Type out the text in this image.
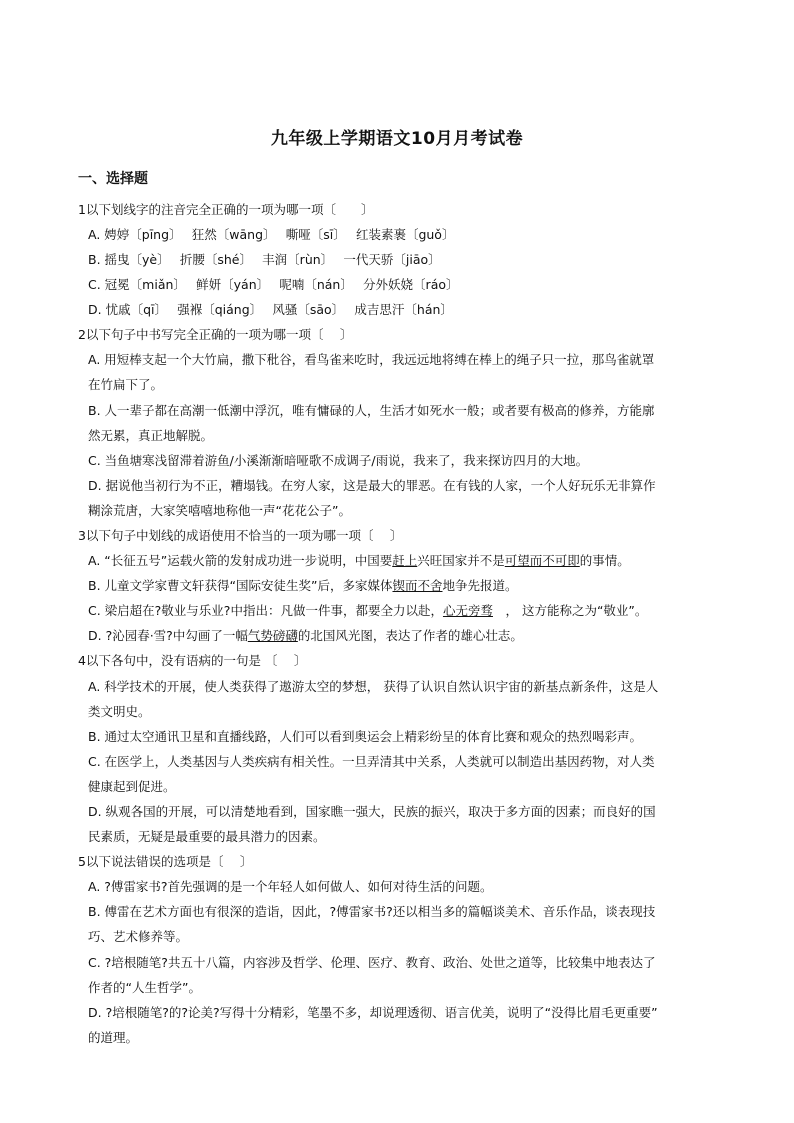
九年级上学期语文10月月考试卷
一、选择题
1以下划线字的注音完全正确的一项为哪一项〔　　〕
A. 娉婷〔pīng〕　 狂然〔wāng〕　 嘶哑〔sī〕　 红装素裹〔guǒ〕
B. 摇曳〔yè〕　 折腰〔shé〕　 丰润〔rùn〕　 一代天骄〔jiāo〕
C. 冠冕〔miǎn〕　 鲜妍〔yán〕　 呢喃〔nán〕　 分外妖娆〔ráo〕
D. 忧戚〔qī〕　 强褓〔qiáng〕　 风骚〔sāo〕　 成吉思汗〔hán〕
2以下句子中书写完全正确的一项为哪一项〔　 〕
A. 用短棒支起一个大竹扁，撒下秕谷，看鸟雀来吃时，我远远地将缚在棒上的绳子只一拉，那鸟雀就罩
在竹扁下了。
B. 人一辈子都在高潮一低潮中浮沉，唯有慵碌的人，生活才如死水一般；或者要有极高的修养，方能廓
然无累，真正地解脱。
C. 当鱼塘寒浅留滞着游鱼/小溪渐渐暗哑歌不成调子/雨说，我来了，我来探访四月的大地。
D. 据说他当初行为不正，糟塌钱。在穷人家，这是最大的罪恶。在有钱的人家，一个人好玩乐无非算作
糊涂荒唐，大家笑嘻嘻地称他一声“花花公子”。
3以下句子中划线的成语使用不恰当的一项为哪一项〔　 〕
A. “长征五号”运载火箭的发射成功进一步说明，中国要赶上兴旺国家并不是可望而不可即的事情。
B. 儿童文学家曹文轩获得“国际安徒生奖”后，多家媒体锲而不舍地争先报道。
C. 梁启超在?敬业与乐业?中指出：凡做一件事，都要全力以赴，心无旁骛　， 这方能称之为“敬业”。
D. ?沁园春·雪?中勾画了一幅气势磅礴的北国风光图，表达了作者的雄心壮志。
4以下各句中，没有语病的一句是 〔　 〕
A. 科学技术的开展，使人类获得了遨游太空的梦想， 获得了认识自然认识宇宙的新基点新条件，这是人
类文明史。
B. 通过太空通讯卫星和直播线路，人们可以看到奥运会上精彩纷呈的体育比赛和观众的热烈喝彩声。
C. 在医学上，人类基因与人类疾病有相关性。一旦弄清其中关系，人类就可以制造出基因药物，对人类
健康起到促进。
D. 纵观各国的开展，可以清楚地看到，国家瞧一强大，民族的振兴，取决于多方面的因素；而良好的国
民素质，无疑是最重要的最具潜力的因素。
5以下说法错误的选项是〔　 〕
A. ?傅雷家书?首先强调的是一个年轻人如何做人、如何对待生活的问题。
B. 傅雷在艺术方面也有很深的造诣，因此，?傅雷家书?还以相当多的篇幅谈美术、音乐作品，谈表现技
巧、艺术修养等。
C. ?培根随笔?共五十八篇，内容涉及哲学、伦理、医疗、教育、政治、处世之道等，比较集中地表达了
作者的“人生哲学”。
D. ?培根随笔?的?论美?写得十分精彩，笔墨不多，却说理透彻、语言优美，说明了“没得比眉毛更重要”
的道理。
